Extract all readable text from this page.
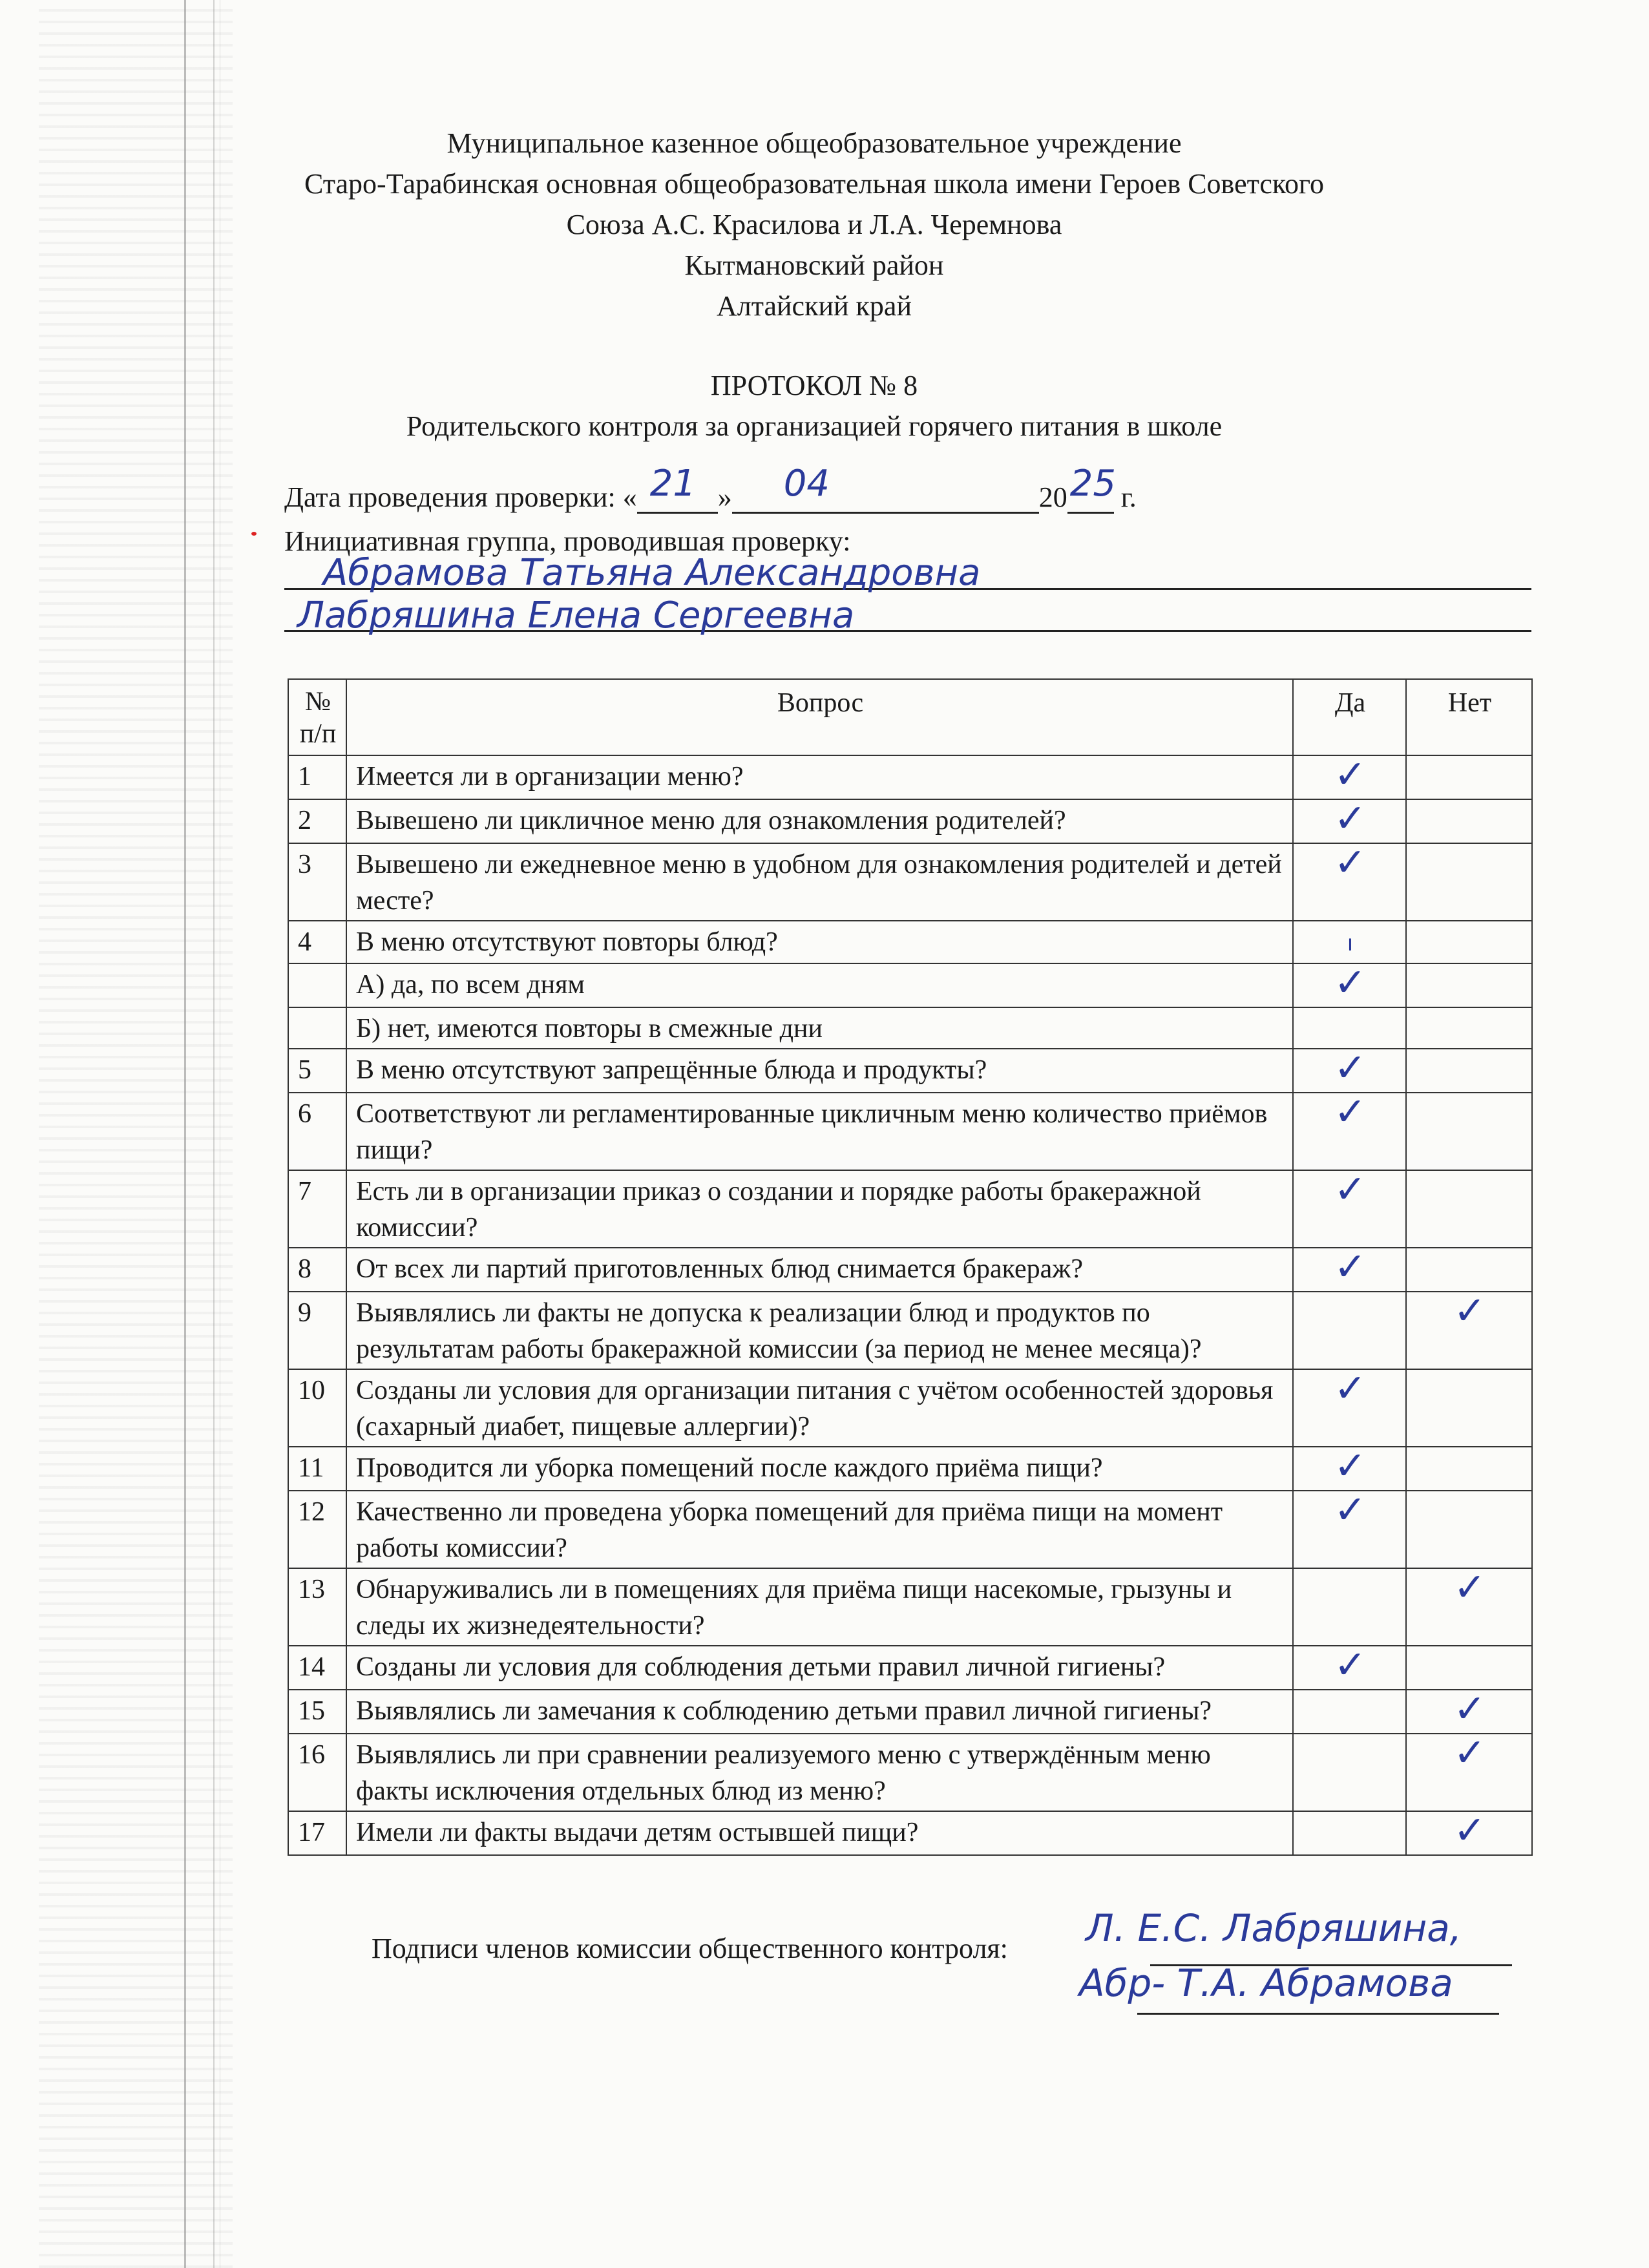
Муниципальное казенное общеобразовательное учреждение
Старо-Тарабинская основная общеобразовательная школа имени Героев Советского
Союза А.С. Красилова и Л.А. Черемнова
Кытмановский район
Алтайский край
ПРОТОКОЛ № 8
Родительского контроля за организацией горячего питания в школе
Дата проведения проверки: « 21 » 04	20 25 г.
Инициативная группа, проводившая проверку:
Абрамова Татьяна Александровна
Лабряшина Елена Сергеевна
№ п/п	Вопрос	Да	Нет
1	Имеется ли в организации меню?	✓	
2	Вывешено ли цикличное меню для ознакомления родителей?	✓	
3	Вывешено ли ежедневное меню в удобном для ознакомления родителей и детей месте?	✓	
4	В меню отсутствуют повторы блюд?	ı	
	А) да, по всем дням	✓	
	Б) нет, имеются повторы в смежные дни		
5	В меню отсутствуют запрещённые блюда и продукты?	✓	
6	Соответствуют ли регламентированные цикличным меню количество приёмов пищи?	✓	
7	Есть ли в организации приказ о создании и порядке работы бракеражной комиссии?	✓	
8	От всех ли партий приготовленных блюд снимается бракераж?	✓	
9	Выявлялись ли факты не допуска к реализации блюд и продуктов по результатам работы бракеражной комиссии (за период не менее месяца)?		✓
10	Созданы ли условия для организации питания с учётом особенностей здоровья (сахарный диабет, пищевые аллергии)?	✓	
11	Проводится ли уборка помещений после каждого приёма пищи?	✓	
12	Качественно ли проведена уборка помещений для приёма пищи на момент работы комиссии?	✓	
13	Обнаруживались ли в помещениях для приёма пищи насекомые, грызуны и следы их жизнедеятельности?		✓
14	Созданы ли условия для соблюдения детьми правил личной гигиены?	✓	
15	Выявлялись ли замечания к соблюдению детьми правил личной гигиены?		✓
16	Выявлялись ли при сравнении реализуемого меню с утверждённым меню факты исключения отдельных блюд из меню?		✓
17	Имели ли факты выдачи детям остывшей пищи?		✓
Подписи членов комиссии общественного контроля: Л. Е.С. Лабряшина,
Абр- Т.А. Абрамова
